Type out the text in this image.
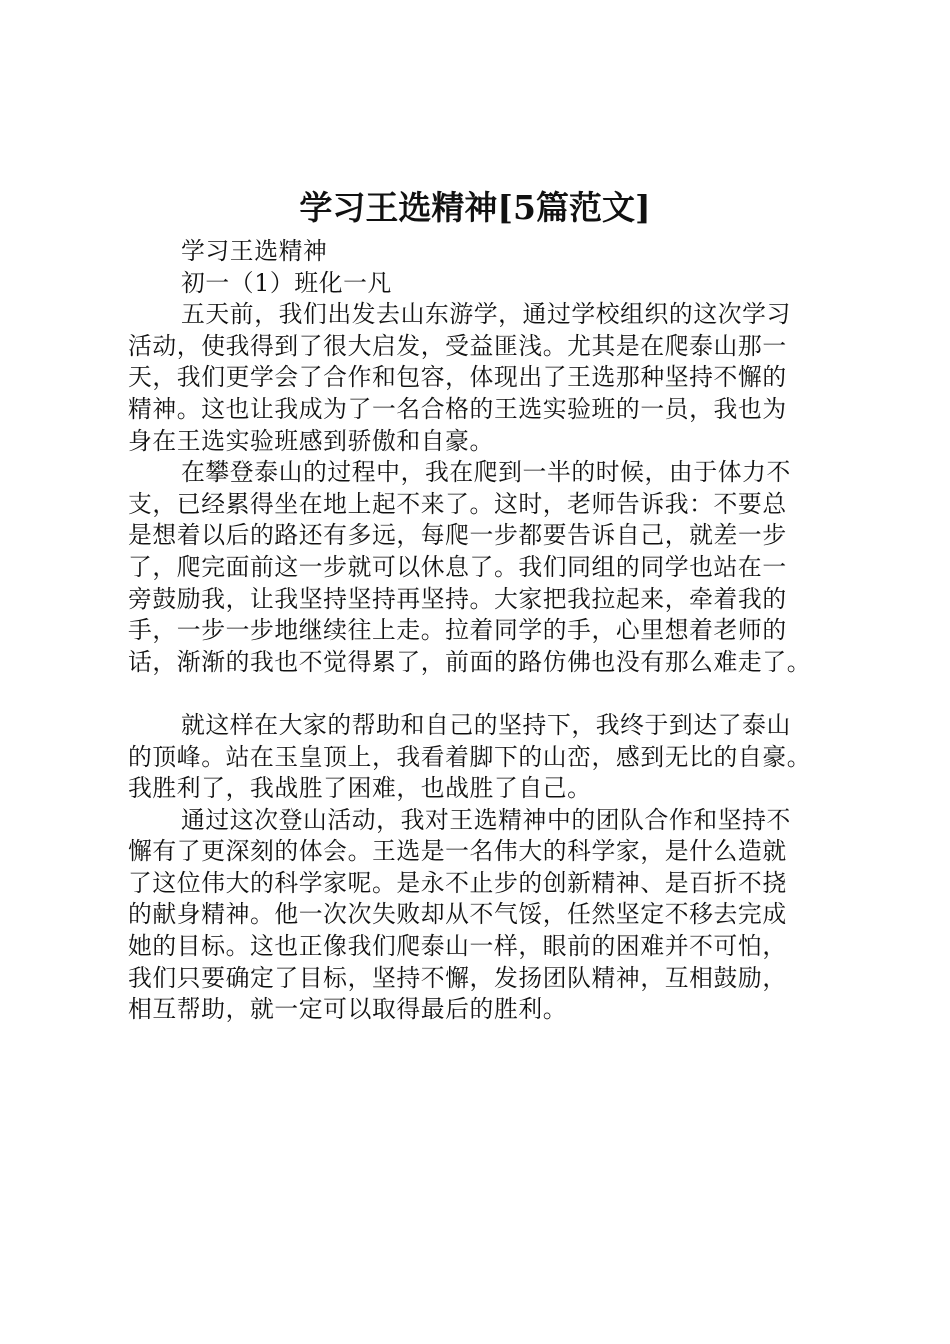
学习王选精神[5篇范文]
学习王选精神
初一（1）班化一凡
五天前，我们出发去山东游学，通过学校组织的这次学习
活动，使我得到了很大启发，受益匪浅。尤其是在爬泰山那一
天，我们更学会了合作和包容，体现出了王选那种坚持不懈的
精神。这也让我成为了一名合格的王选实验班的一员，我也为
身在王选实验班感到骄傲和自豪。
在攀登泰山的过程中，我在爬到一半的时候，由于体力不
支，已经累得坐在地上起不来了。这时，老师告诉我：不要总
是想着以后的路还有多远，每爬一步都要告诉自己，就差一步
了，爬完面前这一步就可以休息了。我们同组的同学也站在一
旁鼓励我，让我坚持坚持再坚持。大家把我拉起来，牵着我的
手，一步一步地继续往上走。拉着同学的手，心里想着老师的
话，渐渐的我也不觉得累了，前面的路仿佛也没有那么难走了。
就这样在大家的帮助和自己的坚持下，我终于到达了泰山
的顶峰。站在玉皇顶上，我看着脚下的山峦，感到无比的自豪。
我胜利了，我战胜了困难，也战胜了自己。
通过这次登山活动，我对王选精神中的团队合作和坚持不
懈有了更深刻的体会。王选是一名伟大的科学家，是什么造就
了这位伟大的科学家呢。是永不止步的创新精神、是百折不挠
的献身精神。他一次次失败却从不气馁，任然坚定不移去完成
她的目标。这也正像我们爬泰山一样，眼前的困难并不可怕，
我们只要确定了目标，坚持不懈，发扬团队精神，互相鼓励，
相互帮助，就一定可以取得最后的胜利。
